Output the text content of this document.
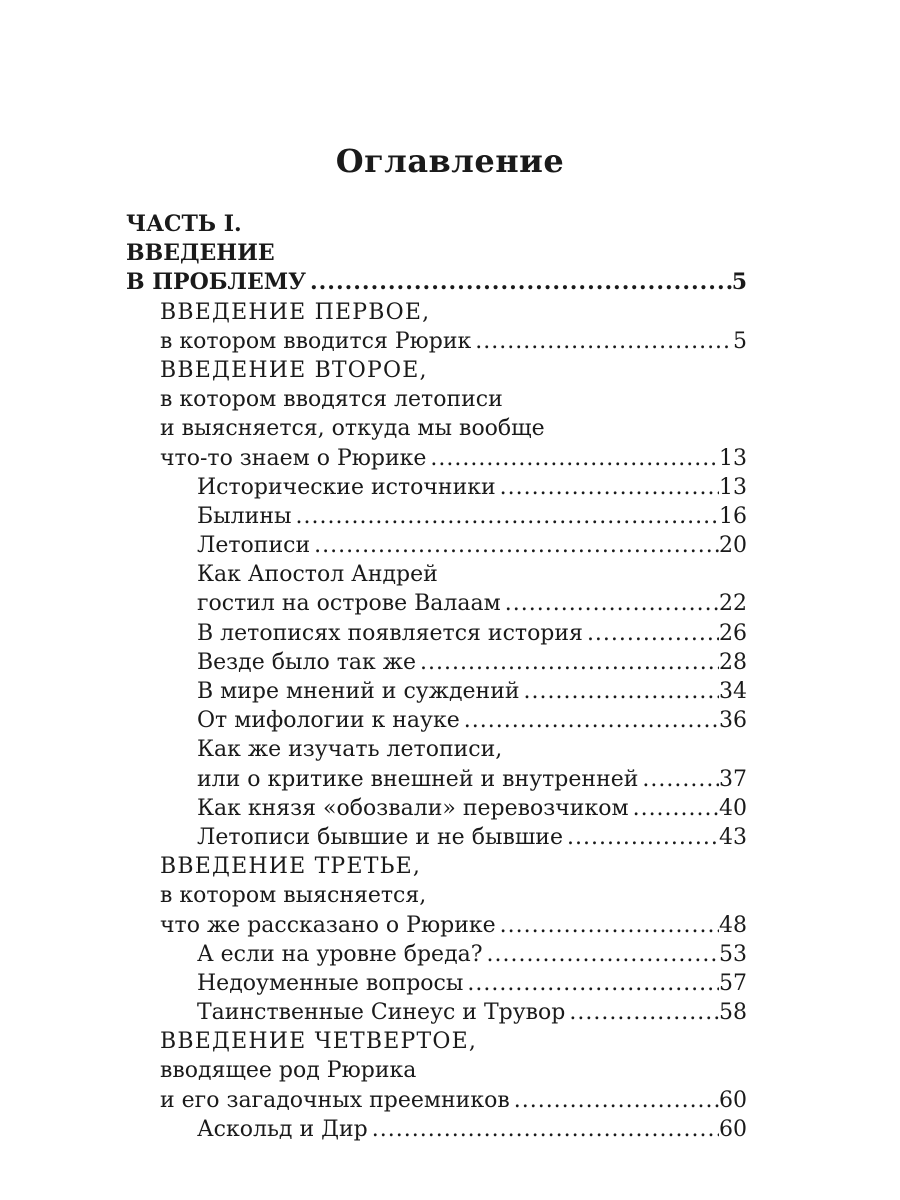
Оглавление
ЧАСТЬ I.
ВВЕДЕНИЕ
В ПРОБЛЕМУ .....	5
ВВЕДЕНИЕ ПЕРВОЕ,
в котором вводится Рюрик .....	5
ВВЕДЕНИЕ ВТОРОЕ,
в котором вводятся летописи
и выясняется, откуда мы вообще
что-то знаем о Рюрике .....	13
Исторические источники .....	13
Былины .....	16
Летописи .....	20
Как Апостол Андрей
гостил на острове Валаам .....	22
В летописях появляется история .....	26
Везде было так же .....	28
В мире мнений и суждений .....	34
От мифологии к науке .....	36
Как же изучать летописи,
или о критике внешней и внутренней .....	37
Как князя «обозвали» перевозчиком .....	40
Летописи бывшие и не бывшие .....	43
ВВЕДЕНИЕ ТРЕТЬЕ,
в котором выясняется,
что же рассказано о Рюрике .....	48
А если на уровне бреда? .....	53
Недоуменные вопросы .....	57
Таинственные Синеус и Трувор .....	58
ВВЕДЕНИЕ ЧЕТВЕРТОЕ,
вводящее род Рюрика
и его загадочных преемников .....	60
Аскольд и Дир .....	60
